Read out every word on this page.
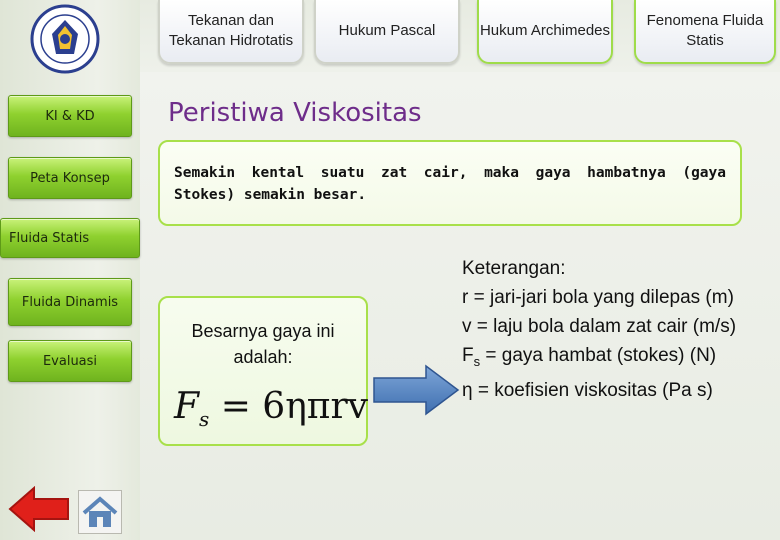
Tekanan dan Tekanan Hidrotatis
Hukum Pascal	Hukum Archimedes
Fenomena Fluida Statis
KI & KD
Peta Konsep
Fluida Statis
Fluida Dinamis
Evaluasi
Peristiwa Viskositas
Semakin kental suatu zat cair, maka gaya hambatnya (gaya Stokes) semakin besar.
Besarnya gaya ini adalah:
$F_s = 6\eta\pi rv$
Keterangan:
r = jari-jari bola yang dilepas (m)
v = laju bola dalam zat cair (m/s)
$F_s$ = gaya hambat (stokes) (N)
η = koefisien viskositas (Pa s)
